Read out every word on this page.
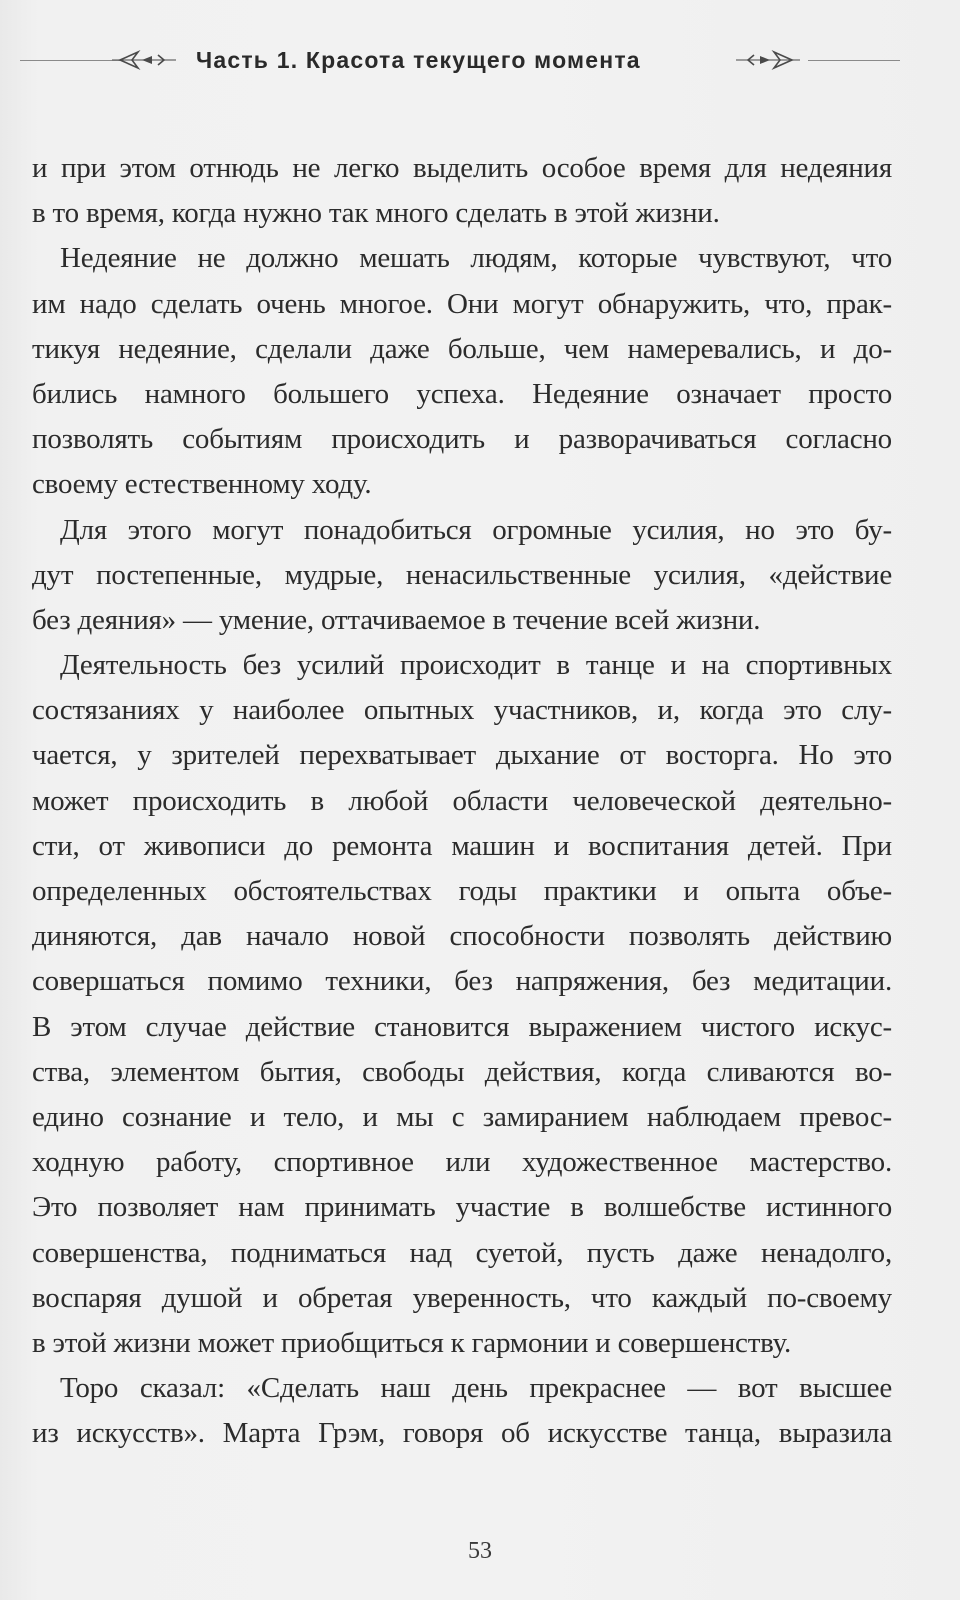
Часть 1. Красота текущего момента
и при этом отнюдь не легко выделить особое время для недеяния
в то время, когда нужно так много сделать в этой жизни.
Недеяние не должно мешать людям, которые чувствуют, что
им надо сделать очень многое. Они могут обнаружить, что, прак-
тикуя недеяние, сделали даже больше, чем намеревались, и до-
бились намного большего успеха. Недеяние означает просто
позволять событиям происходить и разворачиваться согласно
своему естественному ходу.
Для этого могут понадобиться огромные усилия, но это бу-
дут постепенные, мудрые, ненасильственные усилия, «действие
без деяния» — умение, оттачиваемое в течение всей жизни.
Деятельность без усилий происходит в танце и на спортивных
состязаниях у наиболее опытных участников, и, когда это слу-
чается, у зрителей перехватывает дыхание от восторга. Но это
может происходить в любой области человеческой деятельно-
сти, от живописи до ремонта машин и воспитания детей. При
определенных обстоятельствах годы практики и опыта объе-
диняются, дав начало новой способности позволять действию
совершаться помимо техники, без напряжения, без медитации.
В этом случае действие становится выражением чистого искус-
ства, элементом бытия, свободы действия, когда сливаются во-
едино сознание и тело, и мы с замиранием наблюдаем превос-
ходную работу, спортивное или художественное мастерство.
Это позволяет нам принимать участие в волшебстве истинного
совершенства, подниматься над суетой, пусть даже ненадолго,
воспаряя душой и обретая уверенность, что каждый по-своему
в этой жизни может приобщиться к гармонии и совершенству.
Торо сказал: «Сделать наш день прекраснее — вот высшее
из искусств». Марта Грэм, говоря об искусстве танца, выразила
53
